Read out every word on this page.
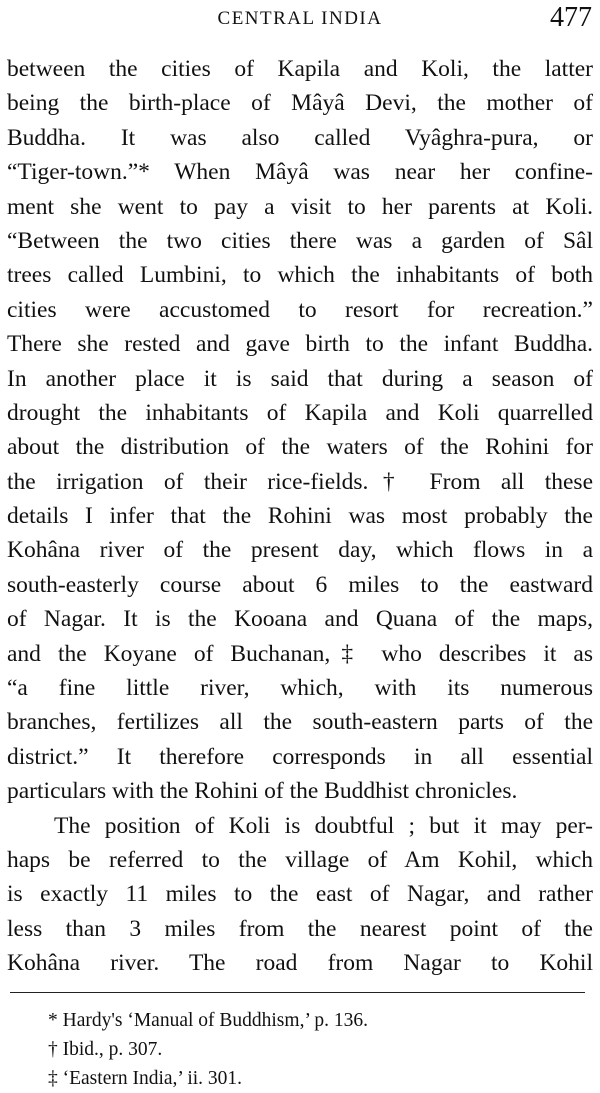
CENTRAL INDIA	477
between the cities of Kapila and Koli, the latter
being the birth-place of Mâyâ Devi, the mother of
Buddha. It was also called Vyâghra-pura, or
“Tiger-town.”* When Mâyâ was near her confine-
ment she went to pay a visit to her parents at Koli.
“Between the two cities there was a garden of Sâl
trees called Lumbini, to which the inhabitants of both
cities were accustomed to resort for recreation.”
There she rested and gave birth to the infant Buddha.
In another place it is said that during a season of
drought the inhabitants of Kapila and Koli quarrelled
about the distribution of the waters of the Rohini for
the irrigation of their rice-fields.† From all these
details I infer that the Rohini was most probably the
Kohâna river of the present day, which flows in a
south-easterly course about 6 miles to the eastward
of Nagar. It is the Kooana and Quana of the maps,
and the Koyane of Buchanan,‡ who describes it as
“a fine little river, which, with its numerous
branches, fertilizes all the south-eastern parts of the
district.” It therefore corresponds in all essential
particulars with the Rohini of the Buddhist chronicles.
The position of Koli is doubtful ; but it may per-
haps be referred to the village of Am Kohil, which
is exactly 11 miles to the east of Nagar, and rather
less than 3 miles from the nearest point of the
Kohâna river. The road from Nagar to Kohil
* Hardy's ‘Manual of Buddhism,’ p. 136.
† Ibid., p. 307.
‡ ‘Eastern India,’ ii. 301.
